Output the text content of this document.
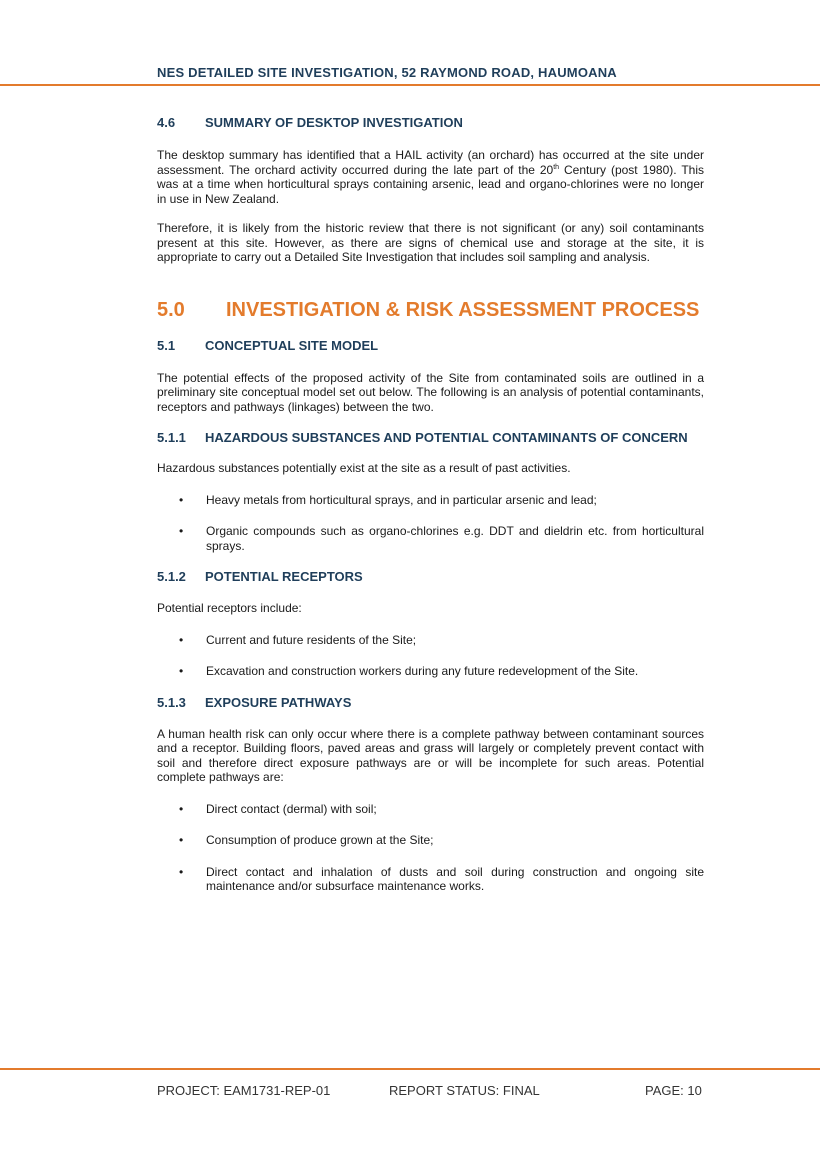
NES DETAILED SITE INVESTIGATION, 52 RAYMOND ROAD, HAUMOANA
4.6	SUMMARY OF DESKTOP INVESTIGATION

The desktop summary has identified that a HAIL activity (an orchard) has occurred at the site under assessment. The orchard activity occurred during the late part of the 20th Century (post 1980). This was at a time when horticultural sprays containing arsenic, lead and organo-chlorines were no longer in use in New Zealand.

Therefore, it is likely from the historic review that there is not significant (or any) soil contaminants present at this site. However, as there are signs of chemical use and storage at the site, it is appropriate to carry out a Detailed Site Investigation that includes soil sampling and analysis.

5.0	INVESTIGATION & RISK ASSESSMENT PROCESS
5.1	CONCEPTUAL SITE MODEL

The potential effects of the proposed activity of the Site from contaminated soils are outlined in a preliminary site conceptual model set out below. The following is an analysis of potential contaminants, receptors and pathways (linkages) between the two.

5.1.1	HAZARDOUS SUBSTANCES AND POTENTIAL CONTAMINANTS OF CONCERN

Hazardous substances potentially exist at the site as a result of past activities.

• Heavy metals from horticultural sprays, and in particular arsenic and lead;
• Organic compounds such as organo-chlorines e.g. DDT and dieldrin etc. from horticultural sprays.
5.1.2	POTENTIAL RECEPTORS

Potential receptors include:

• Current and future residents of the Site;
• Excavation and construction workers during any future redevelopment of the Site.
5.1.3	EXPOSURE PATHWAYS

A human health risk can only occur where there is a complete pathway between contaminant sources and a receptor. Building floors, paved areas and grass will largely or completely prevent contact with soil and therefore direct exposure pathways are or will be incomplete for such areas. Potential complete pathways are:

• Direct contact (dermal) with soil;
• Consumption of produce grown at the Site;
• Direct contact and inhalation of dusts and soil during construction and ongoing site maintenance and/or subsurface maintenance works.
PROJECT: EAM1731-REP-01	REPORT STATUS: FINAL	PAGE: 10
